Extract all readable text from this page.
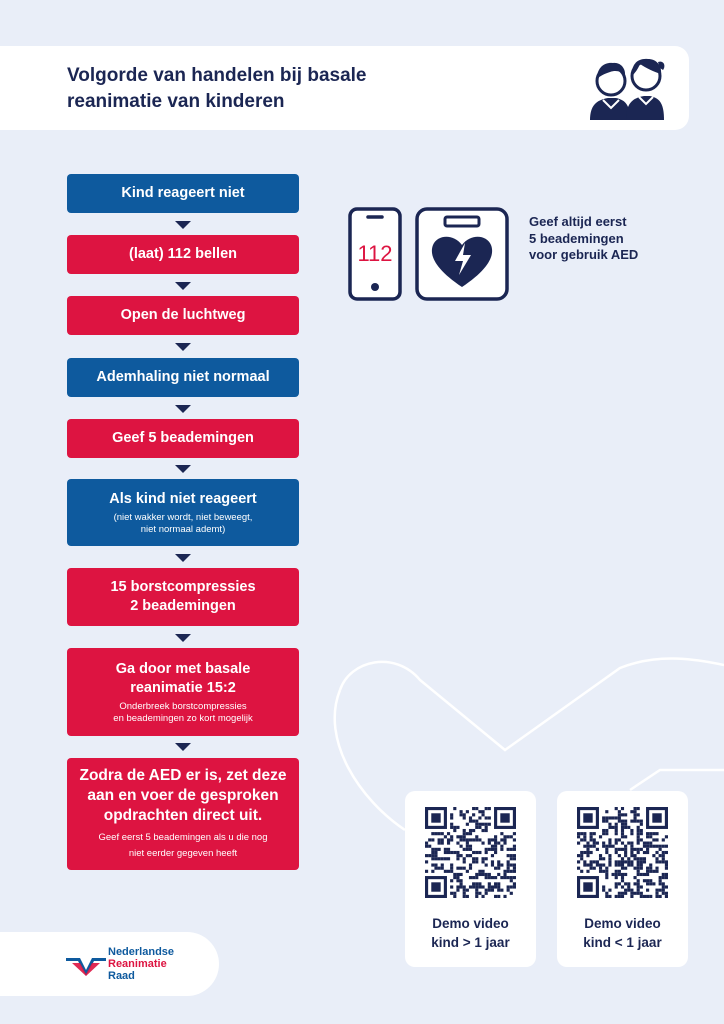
Volgorde van handelen bij basale
reanimatie van kinderen
Kind reageert niet
(laat) 112 bellen
Open de luchtweg
Ademhaling niet normaal
Geef 5 beademingen
Als kind niet reageert
(niet wakker wordt, niet beweegt,
niet normaal ademt)
15 borstcompressies
2 beademingen
Ga door met basale
reanimatie 15:2
Onderbreek borstcompressies
en beademingen zo kort mogelijk
Zodra de AED er is, zet deze
aan en voer de gesproken
opdrachten direct uit.
Geef eerst 5 beademingen als u die nog
niet eerder gegeven heeft
112
Geef altijd eerst
5 beademingen
voor gebruik AED
Demo video
kind > 1 jaar
Demo video
kind < 1 jaar
Nederlandse
Reanimatie
Raad
